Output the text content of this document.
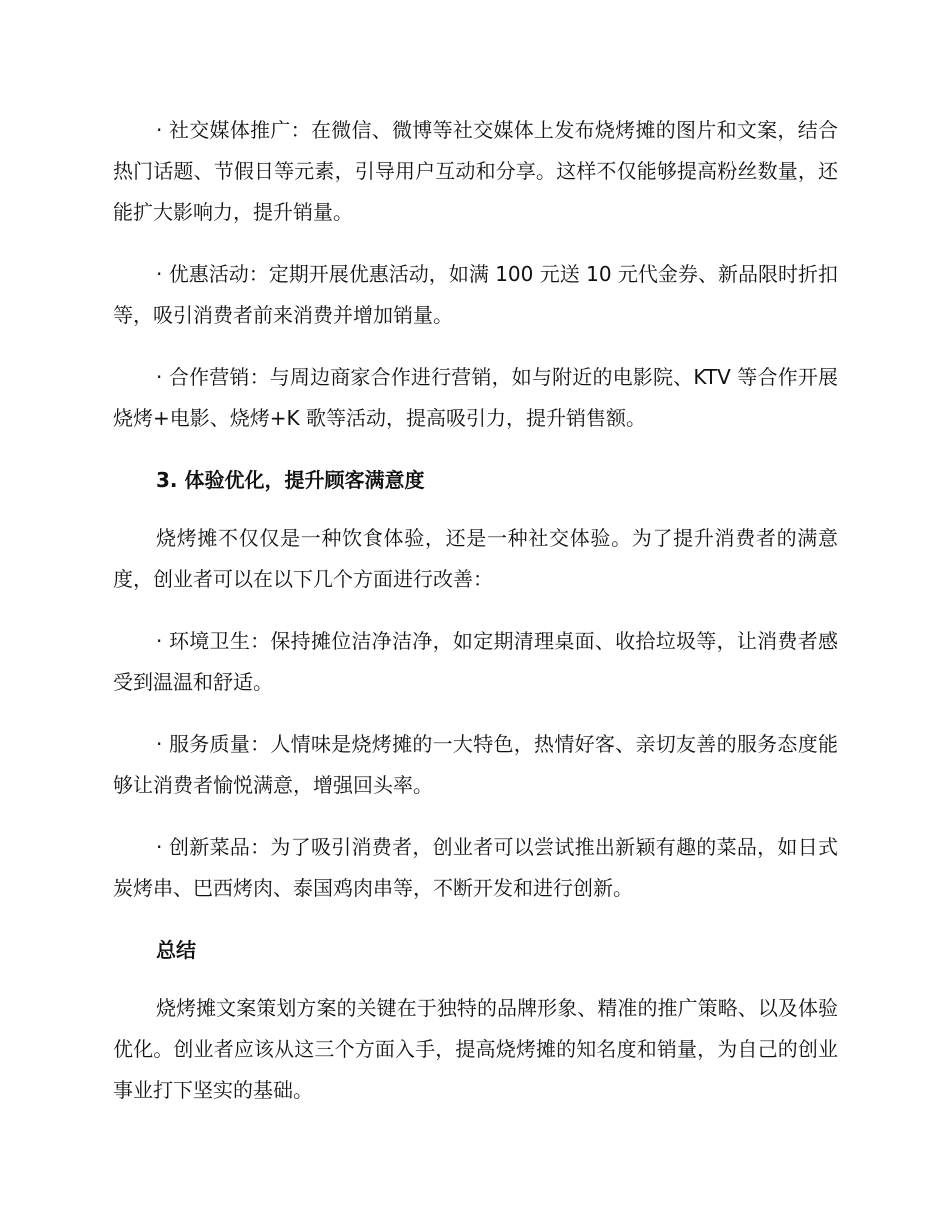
· 社交媒体推广：在微信、微博等社交媒体上发布烧烤摊的图片和文案，结合热门话题、节假日等元素，引导用户互动和分享。这样不仅能够提高粉丝数量，还能扩大影响力，提升销量。

· 优惠活动：定期开展优惠活动，如满 100 元送 10 元代金券、新品限时折扣等，吸引消费者前来消费并增加销量。

· 合作营销：与周边商家合作进行营销，如与附近的电影院、KTV 等合作开展烧烤+电影、烧烤+K 歌等活动，提高吸引力，提升销售额。

3. 体验优化，提升顾客满意度

烧烤摊不仅仅是一种饮食体验，还是一种社交体验。为了提升消费者的满意度，创业者可以在以下几个方面进行改善：

· 环境卫生：保持摊位洁净洁净，如定期清理桌面、收拾垃圾等，让消费者感受到温温和舒适。

· 服务质量：人情味是烧烤摊的一大特色，热情好客、亲切友善的服务态度能够让消费者愉悦满意，增强回头率。

· 创新菜品：为了吸引消费者，创业者可以尝试推出新颖有趣的菜品，如日式炭烤串、巴西烤肉、泰国鸡肉串等，不断开发和进行创新。

总结

烧烤摊文案策划方案的关键在于独特的品牌形象、精准的推广策略、以及体验优化。创业者应该从这三个方面入手，提高烧烤摊的知名度和销量，为自己的创业事业打下坚实的基础。
